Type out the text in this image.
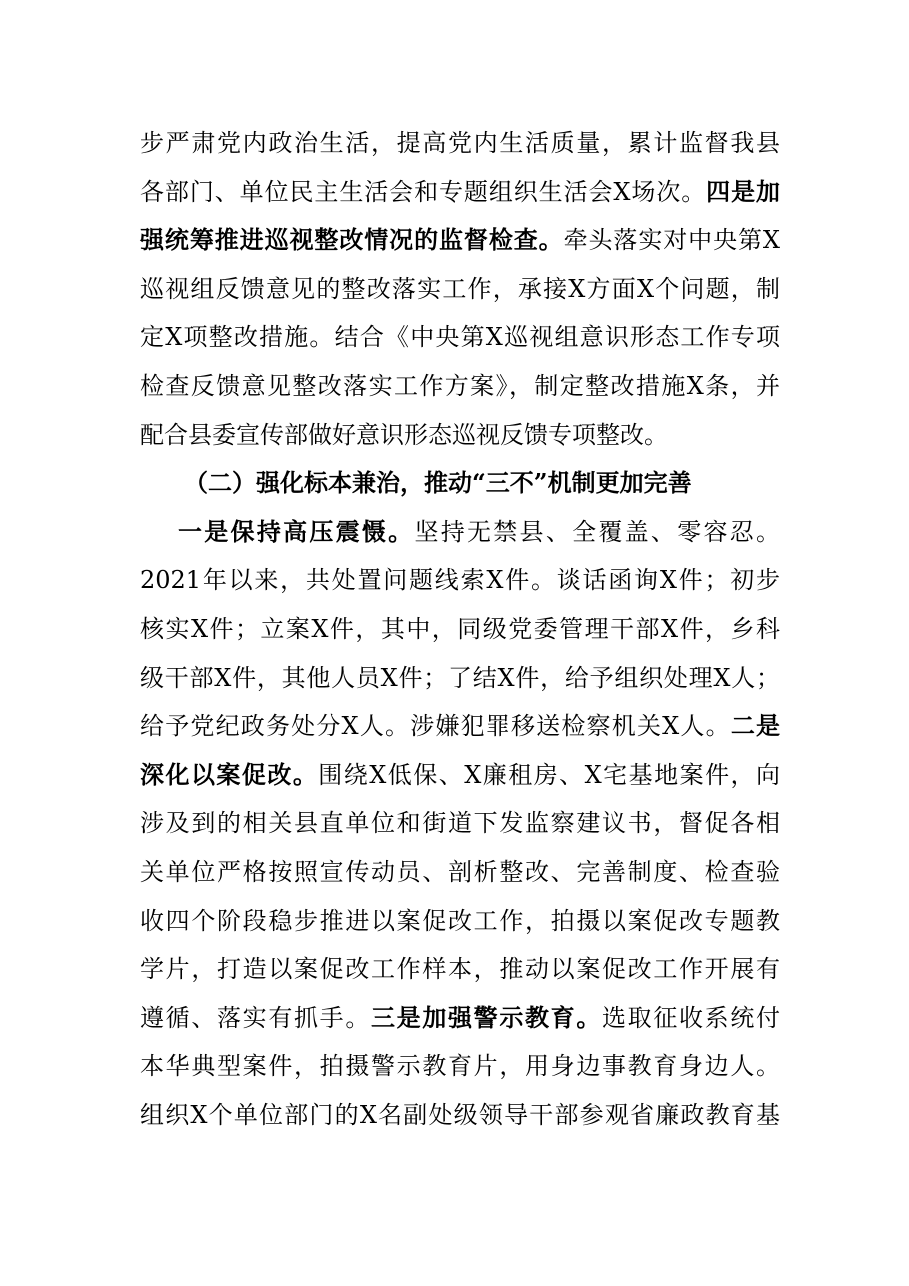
步严肃党内政治生活，提高党内生活质量，累计监督我县
各部门、单位民主生活会和专题组织生活会X场次。四是加
强统筹推进巡视整改情况的监督检查。牵头落实对中央第X
巡视组反馈意见的整改落实工作，承接X方面X个问题，制
定X项整改措施。结合《中央第X巡视组意识形态工作专项
检查反馈意见整改落实工作方案》，制定整改措施X条，并
配合县委宣传部做好意识形态巡视反馈专项整改。
（二）强化标本兼治，推动“三不”机制更加完善
一是保持高压震慑。坚持无禁县、全覆盖、零容忍。
2021年以来，共处置问题线索X件。谈话函询X件；初步
核实X件；立案X件，其中，同级党委管理干部X件，乡科
级干部X件，其他人员X件；了结X件，给予组织处理X人；
给予党纪政务处分X人。涉嫌犯罪移送检察机关X人。二是
深化以案促改。围绕X低保、X廉租房、X宅基地案件，向
涉及到的相关县直单位和街道下发监察建议书，督促各相
关单位严格按照宣传动员、剖析整改、完善制度、检查验
收四个阶段稳步推进以案促改工作，拍摄以案促改专题教
学片，打造以案促改工作样本，推动以案促改工作开展有
遵循、落实有抓手。三是加强警示教育。选取征收系统付
本华典型案件，拍摄警示教育片，用身边事教育身边人。
组织X个单位部门的X名副处级领导干部参观省廉政教育基
